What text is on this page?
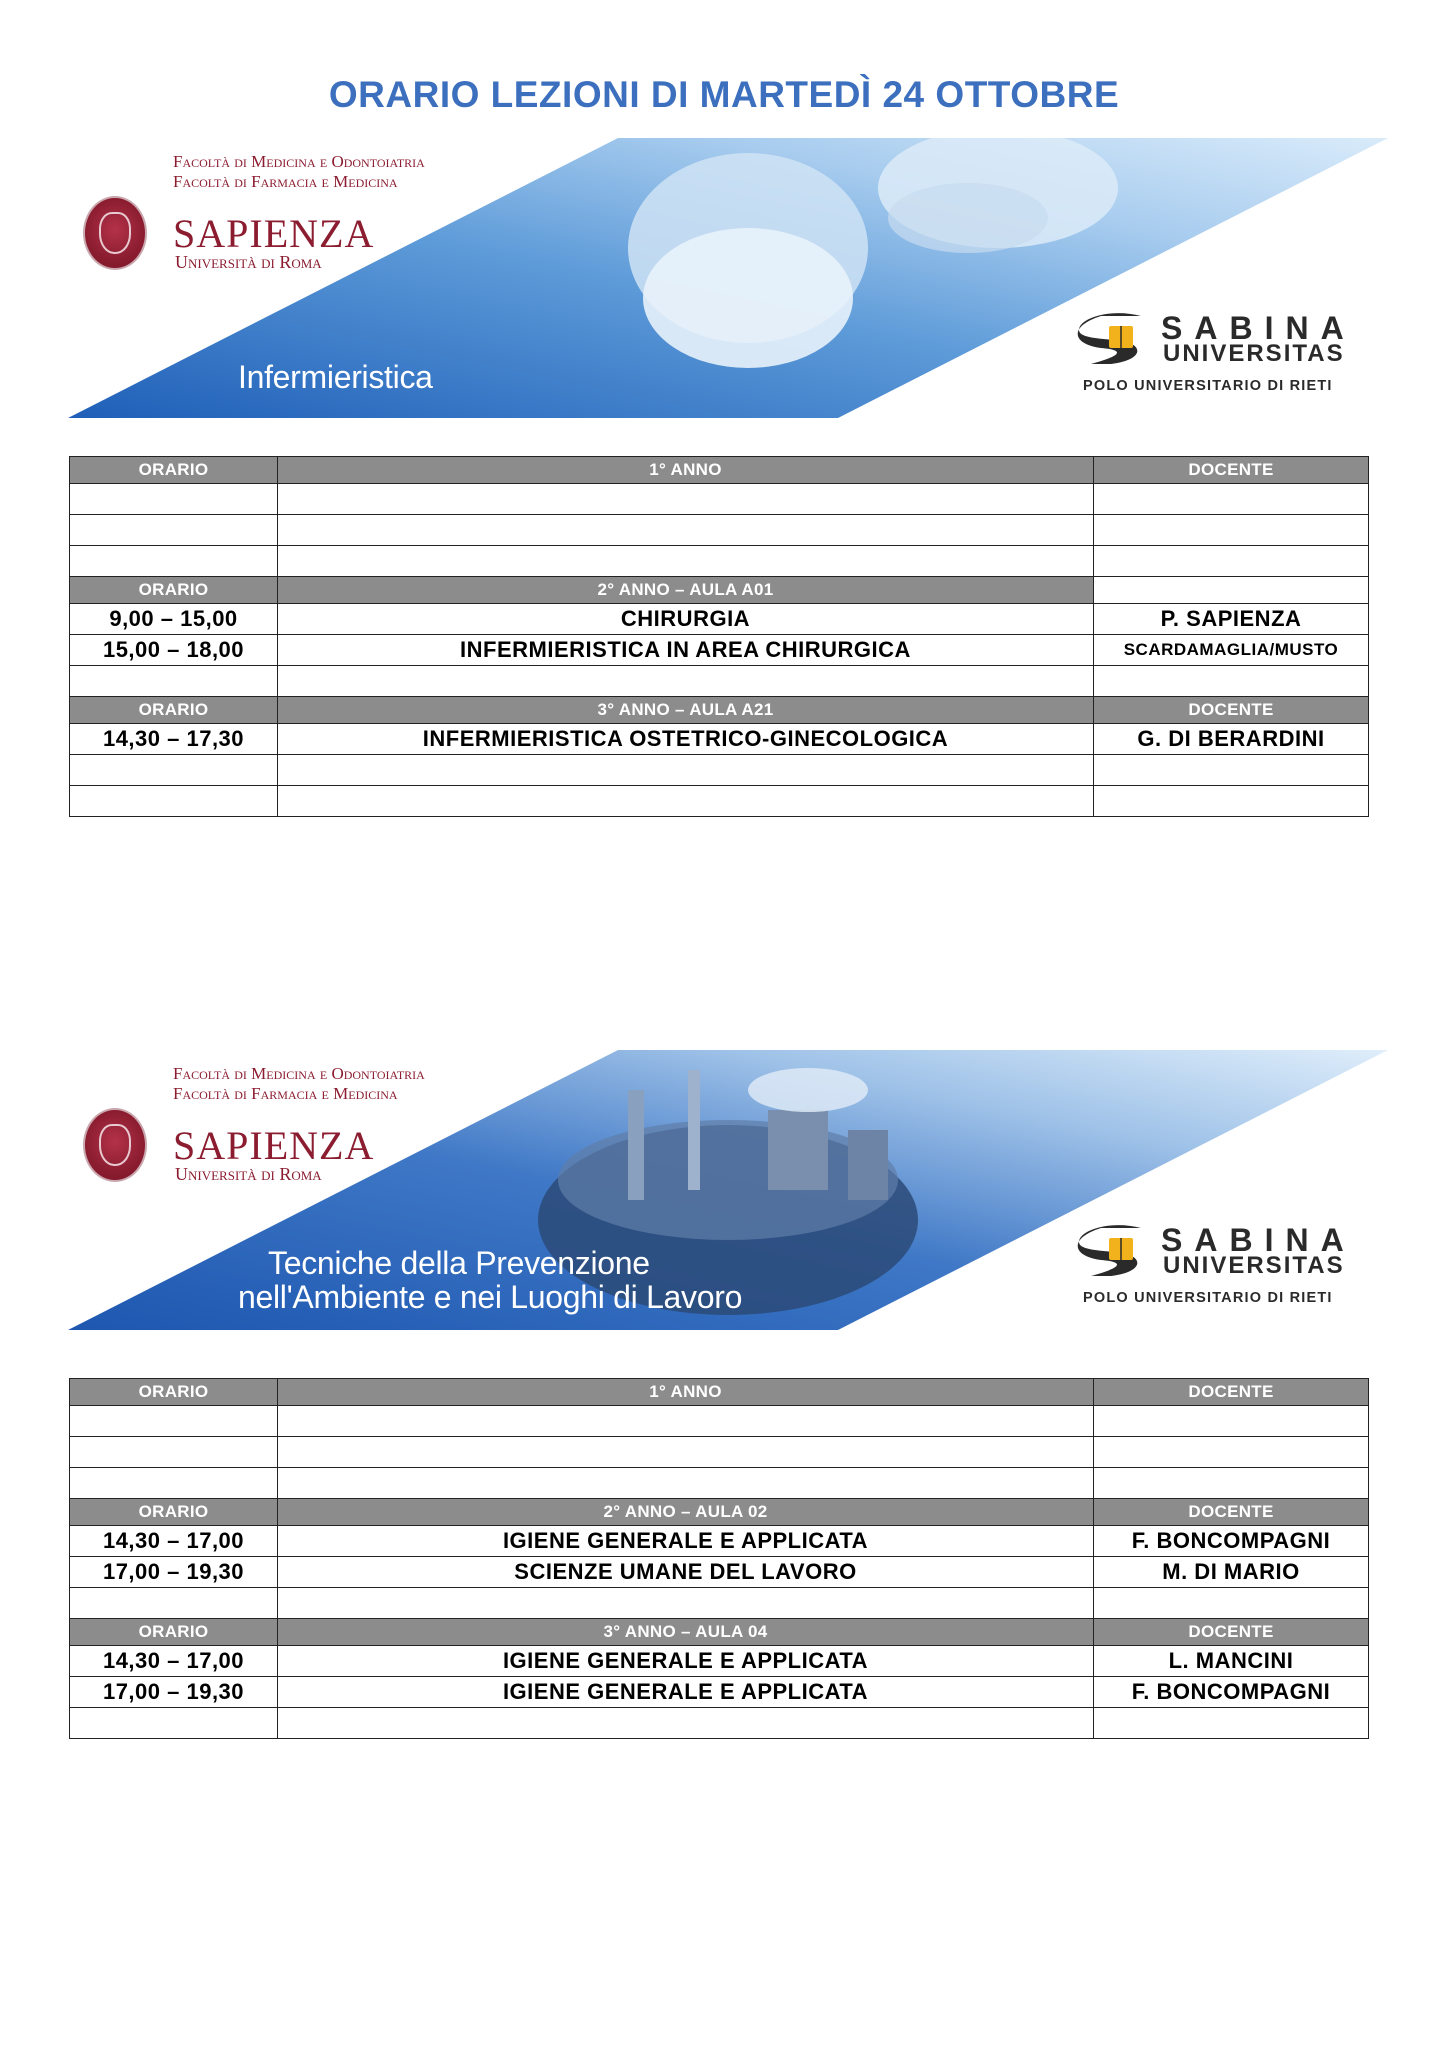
ORARIO LEZIONI DI MARTEDÌ 24 OTTOBRE
Facoltà di Medicina e Odontoiatria
Facoltà di Farmacia e Medicina
SAPIENZA
Università di Roma
Infermieristica
SABINA
UNIVERSITAS
POLO UNIVERSITARIO DI RIETI
ORARIO	1° ANNO	DOCENTE

ORARIO	2° ANNO – AULA A01	
9,00 – 15,00	CHIRURGIA	P. SAPIENZA
15,00 – 18,00	INFERMIERISTICA IN AREA CHIRURGICA	SCARDAMAGLIA/MUSTO

ORARIO	3° ANNO – AULA A21	DOCENTE
14,30 – 17,30	INFERMIERISTICA OSTETRICO-GINECOLOGICA	G. DI BERARDINI

Facoltà di Medicina e Odontoiatria
Facoltà di Farmacia e Medicina
SAPIENZA
Università di Roma
Tecniche della Prevenzione
nell'Ambiente e nei Luoghi di Lavoro
SABINA
UNIVERSITAS
POLO UNIVERSITARIO DI RIETI
ORARIO	1° ANNO	DOCENTE

ORARIO	2° ANNO – AULA 02	DOCENTE
14,30 – 17,00	IGIENE GENERALE E APPLICATA	F. BONCOMPAGNI
17,00 – 19,30	SCIENZE UMANE DEL LAVORO	M. DI MARIO

ORARIO	3° ANNO – AULA 04	DOCENTE
14,30 – 17,00	IGIENE GENERALE E APPLICATA	L. MANCINI
17,00 – 19,30	IGIENE GENERALE E APPLICATA	F. BONCOMPAGNI
